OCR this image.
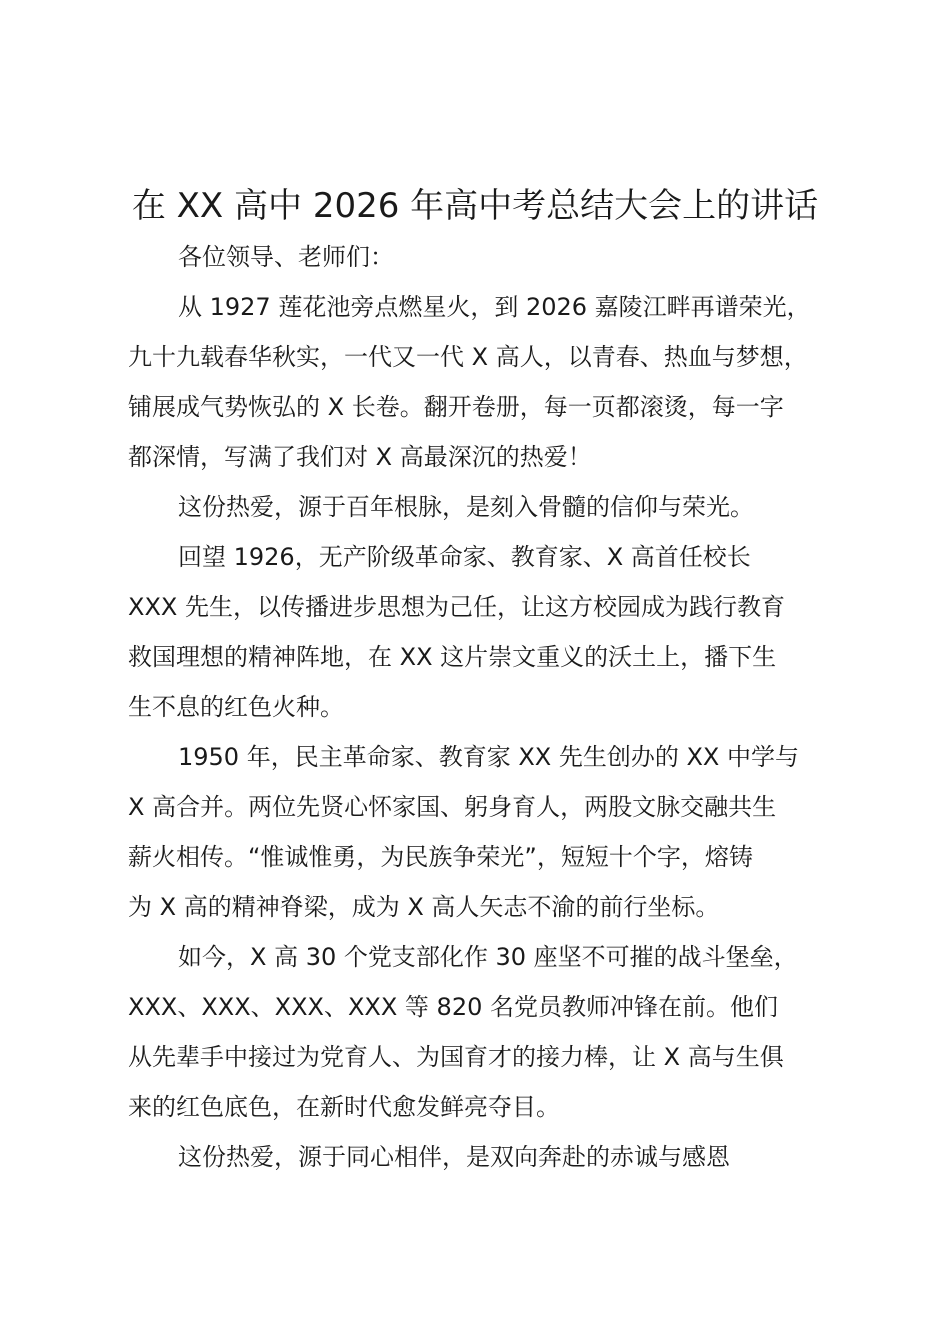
在 XX 高中 2026 年高中考总结大会上的讲话

各位领导、老师们：

从 1927 莲花池旁点燃星火，到 2026 嘉陵江畔再谱荣光，
九十九载春华秋实，一代又一代 X 高人，以青春、热血与梦想，
铺展成气势恢弘的 X 长卷。翻开卷册，每一页都滚烫，每一字
都深情，写满了我们对 X 高最深沉的热爱！

这份热爱，源于百年根脉，是刻入骨髓的信仰与荣光。

回望 1926，无产阶级革命家、教育家、X 高首任校长
XXX 先生，以传播进步思想为己任，让这方校园成为践行教育
救国理想的精神阵地，在 XX 这片崇文重义的沃土上，播下生
生不息的红色火种。

1950 年，民主革命家、教育家 XX 先生创办的 XX 中学与
X 高合并。两位先贤心怀家国、躬身育人，两股文脉交融共生
薪火相传。“惟诚惟勇，为民族争荣光”，短短十个字，熔铸
为 X 高的精神脊梁，成为 X 高人矢志不渝的前行坐标。

如今，X 高 30 个党支部化作 30 座坚不可摧的战斗堡垒，
XXX、XXX、XXX、XXX 等 820 名党员教师冲锋在前。他们
从先辈手中接过为党育人、为国育才的接力棒，让 X 高与生俱
来的红色底色，在新时代愈发鲜亮夺目。

这份热爱，源于同心相伴，是双向奔赴的赤诚与感恩
